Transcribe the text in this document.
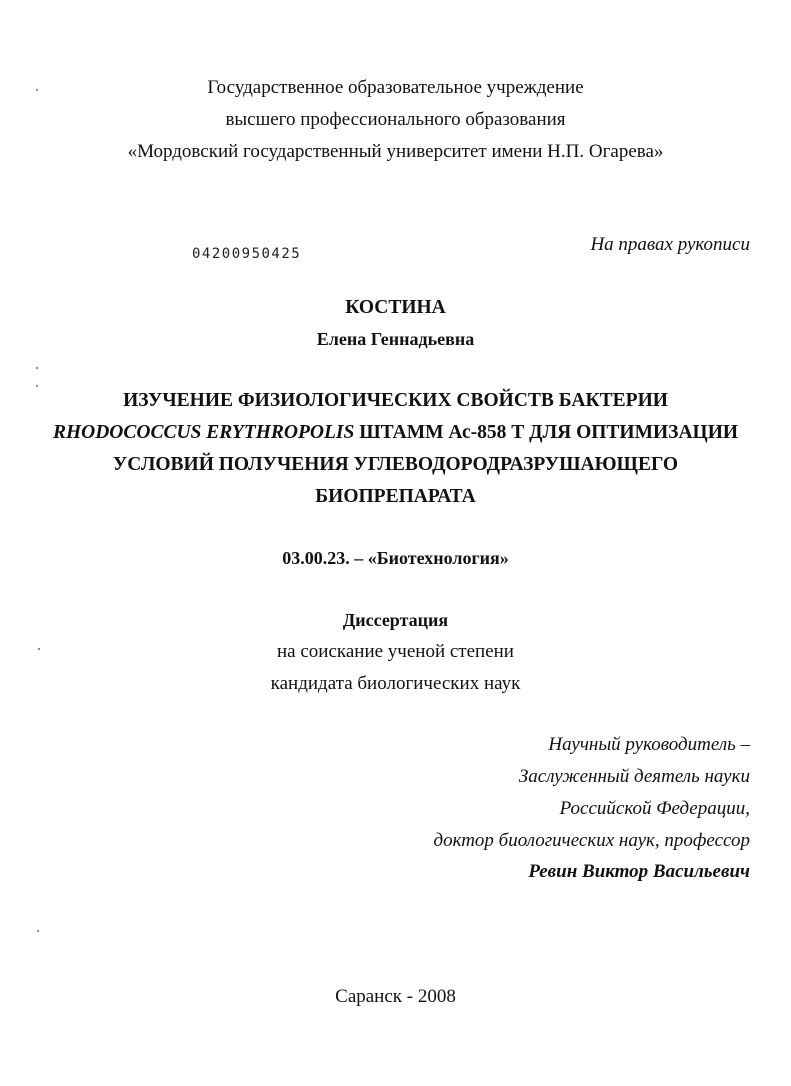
Государственное образовательное учреждение
высшего профессионального образования
«Мордовский государственный университет имени Н.П. Огарева»
04200950425	На правах рукописи
КОСТИНА
Елена Геннадьевна
ИЗУЧЕНИЕ ФИЗИОЛОГИЧЕСКИХ СВОЙСТВ БАКТЕРИИ
RHODOCOCCUS ERYTHROPOLIS ШТАММ Ас-858 Т ДЛЯ ОПТИМИЗАЦИИ
УСЛОВИЙ ПОЛУЧЕНИЯ УГЛЕВОДОРОДРАЗРУШАЮЩЕГО
БИОПРЕПАРАТА
03.00.23. – «Биотехнология»
Диссертация
на соискание ученой степени
кандидата биологических наук
Научный руководитель –
Заслуженный деятель науки
Российской Федерации,
доктор биологических наук, профессор
Ревин Виктор Васильевич
Саранск - 2008
